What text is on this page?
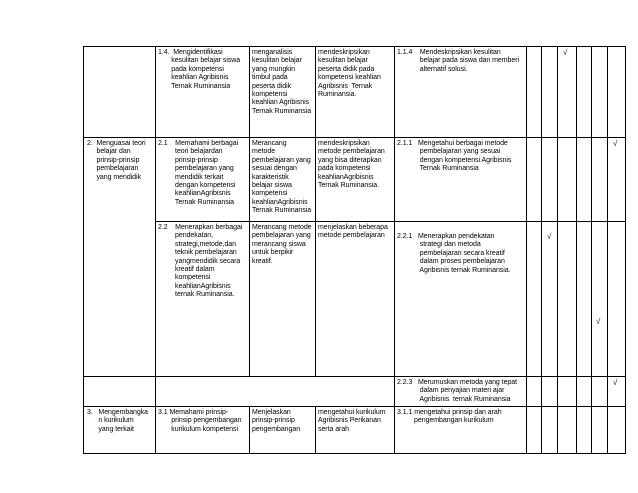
1.4.  Mengidentifikasi
kesulitan belajar siswa
pada kompetensi
keahlian Agribisnis
Ternak Ruminansia
menganalisis
kesulitan belajar
yang mungkin
timbul pada
peserta didik
kompetensi
keahlian Agribisnis
Ternak Ruminansia
mendeskripsikan
kesulitan belajar
peserta didik pada
kompetensi keahlian
Agribisnis  Ternak
Ruminansia.
1.1.4    Mendeskripsikan kesulitan
belajar pada siswa dan memberi
alternatif solusi.
√
2.  Menguasai teori
belajar dan
prinsip-prinsip
pembelajaran
yang mendidik
2.1    Memahami berbagai
teori belajardan
prinsip-prinsip
pembelajaran yang
mendidik terkait
dengan kompetensi
keahlianAgribisnis
Ternak Ruminansia
Merancang
metode
pembelajaran yang
sesuai dengan
karakteristik
belajar siswa
kompetensi
keahlianAgribisnis
Ternak Ruminansia
mendeskripsikan
metode pembelajaran
yang bisa diterapkan
pada kompetensi
keahlianAgribisnis
Ternak Ruminansia.
2.1.1   Mengetahui berbagai metode
pembelajaran yang sesuai
dengan kompetensi Agribisnis
Ternak Ruminansia
√
2.2    Menerapkan berbagai
pendekatan,
strategi,metode,dan
teknik pembelajaran
yangmendidik secara
kreatif dalam
kompetensi
keahlianAgribisnis
ternak Ruminansia.
Merancang metode
pembelajaran yang
merancang siswa
untuk berpikir
kreatif.
menjelaskan beberapa
metode pembelajaran	2.2.1   Menerapkan pendekatan
strategi dan metoda
pembelajaran secara kreatif
dalam proses pembelajaran
Agribisnis ternak Ruminansia.
√
√
2.2.3   Merumuskan metoda yang tepat
dalam penyajian materi ajar
Agribisnis  ternak Ruminansia
√
3.   Mengembangka
n kurikulum
yang terkait
3.1 Memahami prinsip-
prinsip pengembangan
kurikulum kompetensi
Menjelaskan
prinsip-prinsip
pengembangan
mengetahui kurikulum
Agribisnis Perikanan
serta arah
3.1.1 mengetahui prinsip dan arah
pengembangan kurikulum
